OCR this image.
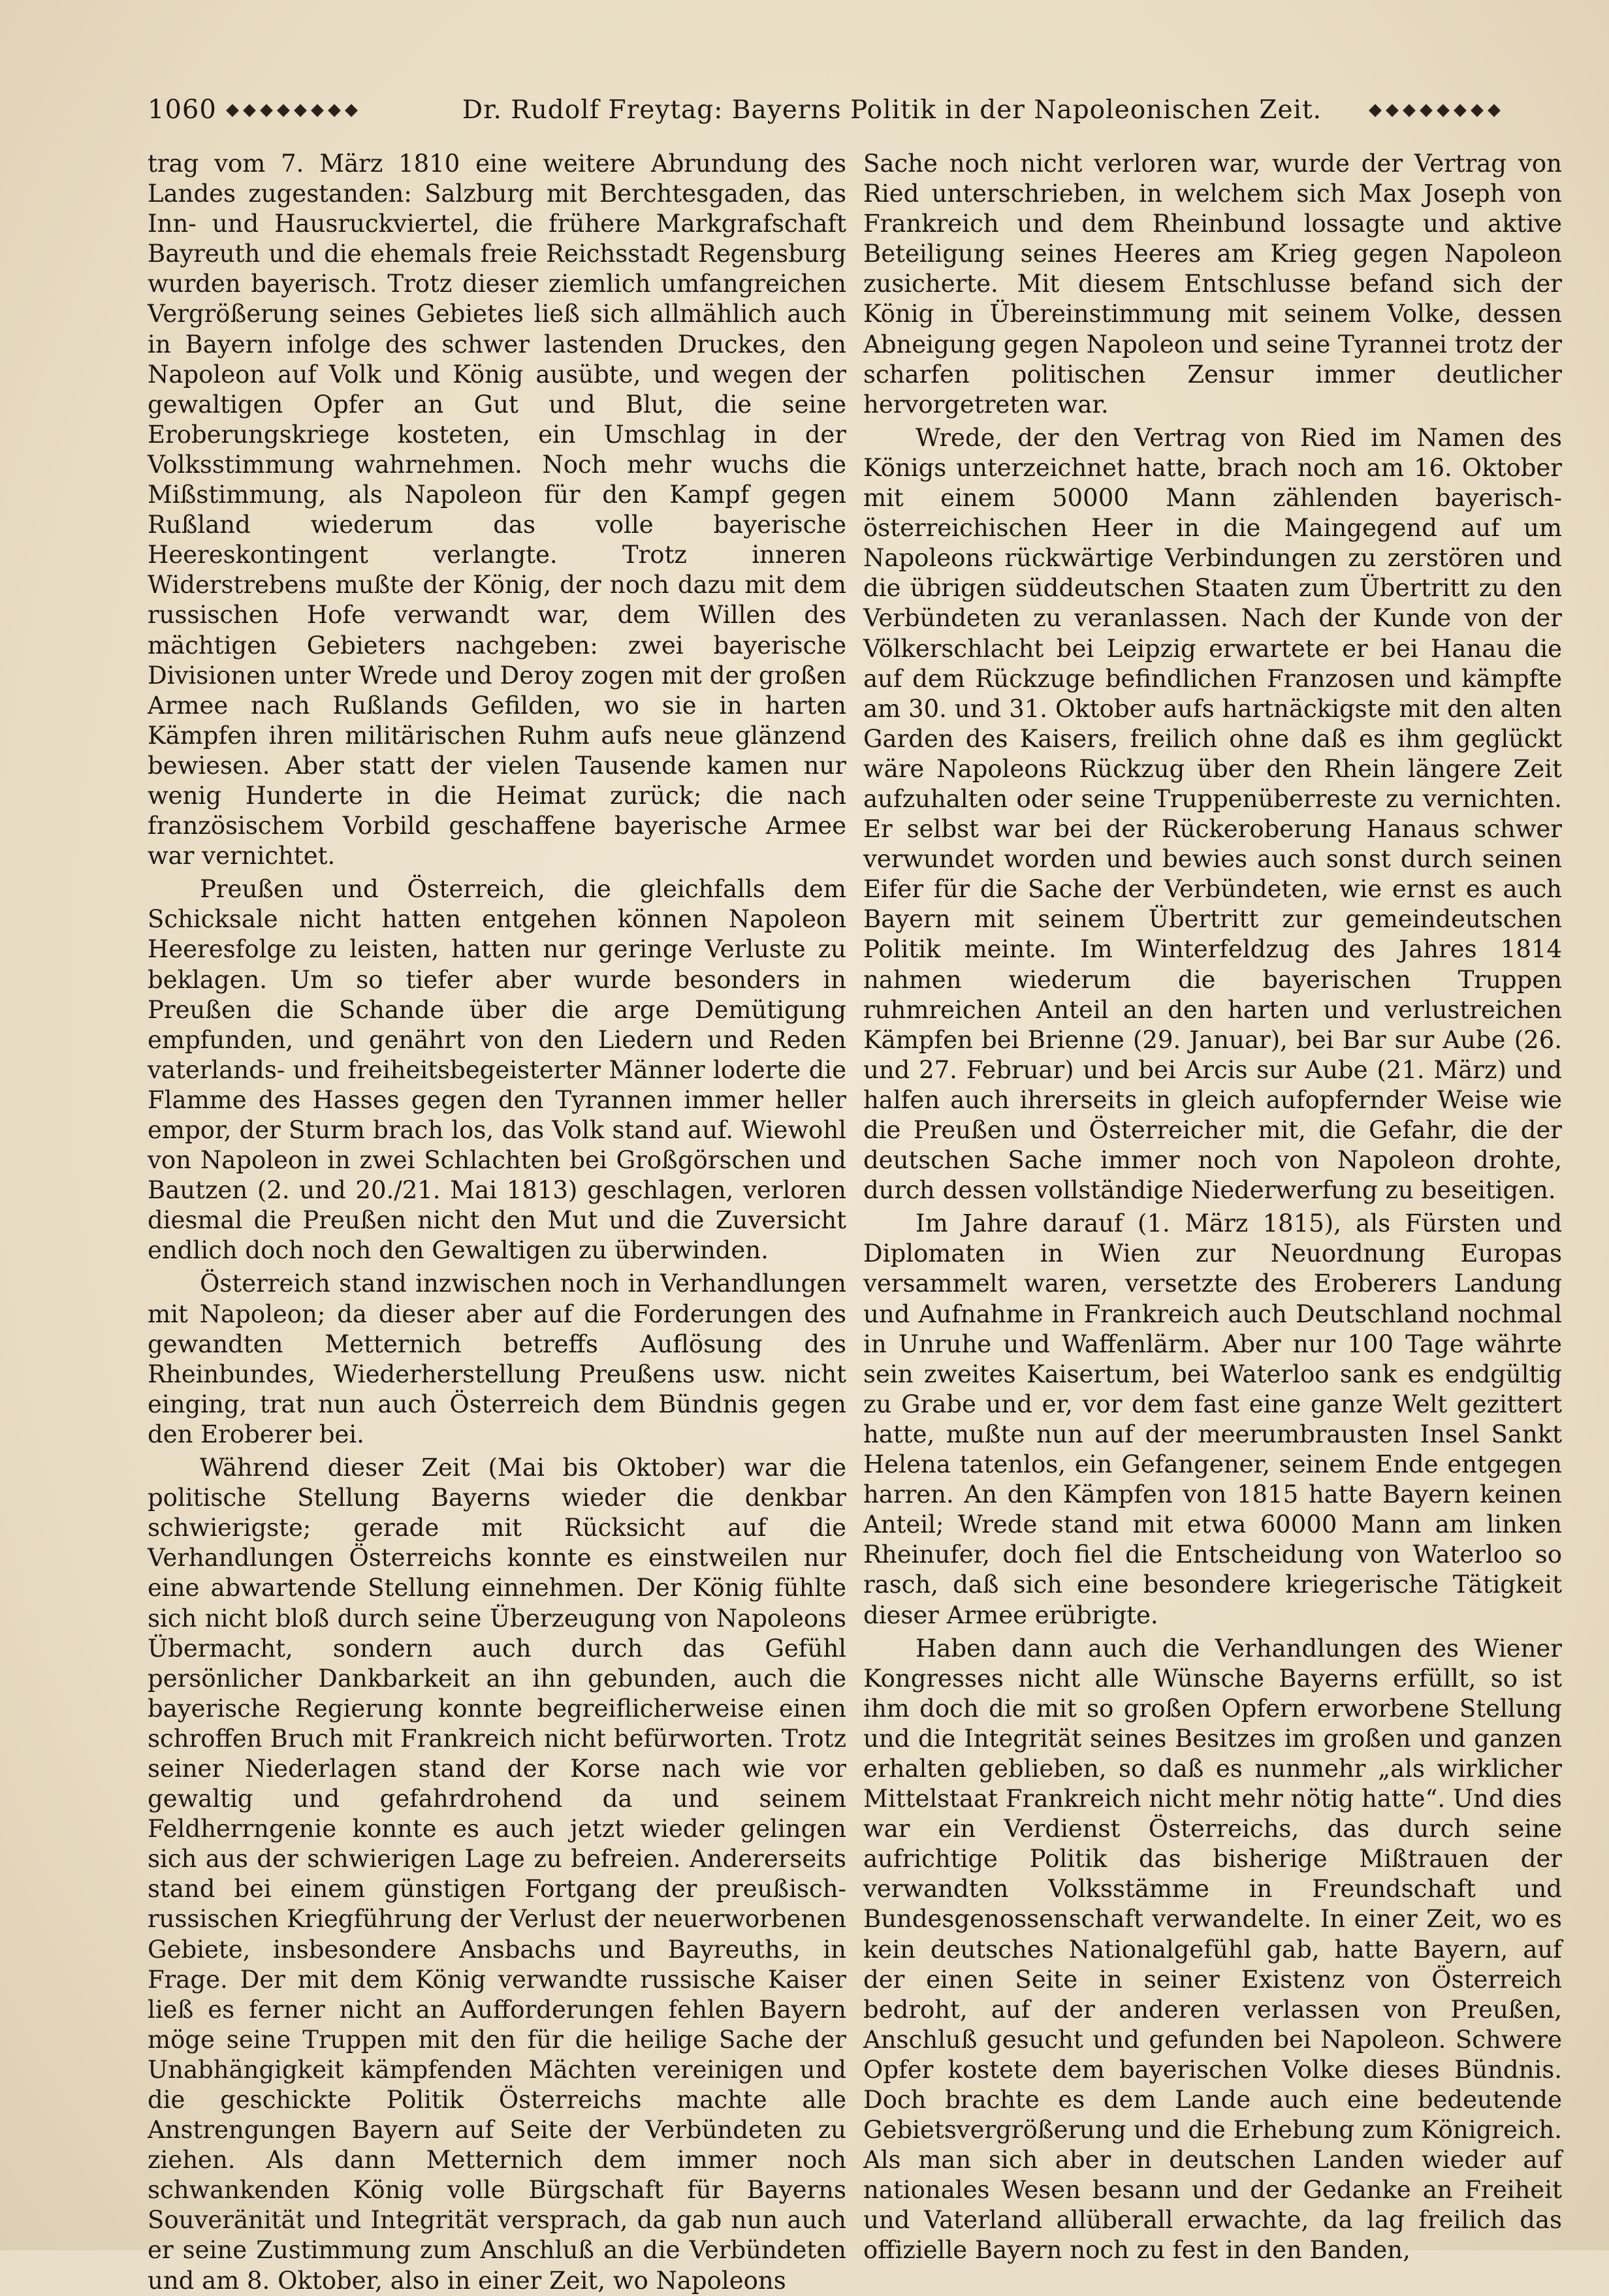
1060 ◆◆◆◆◆◆◆◆	Dr. Rudolf Freytag: Bayerns Politik in der Napoleonischen Zeit.	◆◆◆◆◆◆◆◆

trag vom 7. März 1810 eine weitere Abrundung des Landes zugestanden: Salzburg mit Berchtesgaden, das Inn- und Hausruckviertel, die frühere Markgrafschaft Bayreuth und die ehemals freie Reichsstadt Regensburg wurden bayerisch. Trotz dieser ziemlich umfangreichen Vergrößerung seines Gebietes ließ sich allmählich auch in Bayern infolge des schwer lastenden Druckes, den Napoleon auf Volk und König ausübte, und wegen der gewaltigen Opfer an Gut und Blut, die seine Eroberungskriege kosteten, ein Umschlag in der Volksstimmung wahrnehmen. Noch mehr wuchs die Mißstimmung, als Napoleon für den Kampf gegen Rußland wiederum das volle bayerische Heereskontingent verlangte. Trotz inneren Widerstrebens mußte der König, der noch dazu mit dem russischen Hofe verwandt war, dem Willen des mächtigen Gebieters nachgeben: zwei bayerische Divisionen unter Wrede und Deroy zogen mit der großen Armee nach Rußlands Gefilden, wo sie in harten Kämpfen ihren militärischen Ruhm aufs neue glänzend bewiesen. Aber statt der vielen Tausende kamen nur wenig Hunderte in die Heimat zurück; die nach französischem Vorbild geschaffene bayerische Armee war vernichtet.

Preußen und Österreich, die gleichfalls dem Schicksale nicht hatten entgehen können Napoleon Heeresfolge zu leisten, hatten nur geringe Verluste zu beklagen. Um so tiefer aber wurde besonders in Preußen die Schande über die arge Demütigung empfunden, und genährt von den Liedern und Reden vaterlands- und freiheitsbegeisterter Männer loderte die Flamme des Hasses gegen den Tyrannen immer heller empor, der Sturm brach los, das Volk stand auf. Wiewohl von Napoleon in zwei Schlachten bei Großgörschen und Bautzen (2. und 20./21. Mai 1813) geschlagen, verloren diesmal die Preußen nicht den Mut und die Zuversicht endlich doch noch den Gewaltigen zu überwinden.

Österreich stand inzwischen noch in Verhandlungen mit Napoleon; da dieser aber auf die Forderungen des gewandten Metternich betreffs Auflösung des Rheinbundes, Wiederherstellung Preußens usw. nicht einging, trat nun auch Österreich dem Bündnis gegen den Eroberer bei.

Während dieser Zeit (Mai bis Oktober) war die politische Stellung Bayerns wieder die denkbar schwierigste; gerade mit Rücksicht auf die Verhandlungen Österreichs konnte es einstweilen nur eine abwartende Stellung einnehmen. Der König fühlte sich nicht bloß durch seine Überzeugung von Napoleons Übermacht, sondern auch durch das Gefühl persönlicher Dankbarkeit an ihn gebunden, auch die bayerische Regierung konnte begreiflicherweise einen schroffen Bruch mit Frankreich nicht befürworten. Trotz seiner Niederlagen stand der Korse nach wie vor gewaltig und gefahrdrohend da und seinem Feldherrngenie konnte es auch jetzt wieder gelingen sich aus der schwierigen Lage zu befreien. Andererseits stand bei einem günstigen Fortgang der preußisch-russischen Kriegführung der Verlust der neuerworbenen Gebiete, insbesondere Ansbachs und Bayreuths, in Frage. Der mit dem König verwandte russische Kaiser ließ es ferner nicht an Aufforderungen fehlen Bayern möge seine Truppen mit den für die heilige Sache der Unabhängigkeit kämpfenden Mächten vereinigen und die geschickte Politik Österreichs machte alle Anstrengungen Bayern auf Seite der Verbündeten zu ziehen. Als dann Metternich dem immer noch schwankenden König volle Bürgschaft für Bayerns Souveränität und Integrität versprach, da gab nun auch er seine Zustimmung zum Anschluß an die Verbündeten und am 8. Oktober, also in einer Zeit, wo Napoleons

Sache noch nicht verloren war, wurde der Vertrag von Ried unterschrieben, in welchem sich Max Joseph von Frankreich und dem Rheinbund lossagte und aktive Beteiligung seines Heeres am Krieg gegen Napoleon zusicherte. Mit diesem Entschlusse befand sich der König in Übereinstimmung mit seinem Volke, dessen Abneigung gegen Napoleon und seine Tyrannei trotz der scharfen politischen Zensur immer deutlicher hervorgetreten war.

Wrede, der den Vertrag von Ried im Namen des Königs unterzeichnet hatte, brach noch am 16. Oktober mit einem 50000 Mann zählenden bayerisch-österreichischen Heer in die Maingegend auf um Napoleons rückwärtige Verbindungen zu zerstören und die übrigen süddeutschen Staaten zum Übertritt zu den Verbündeten zu veranlassen. Nach der Kunde von der Völkerschlacht bei Leipzig erwartete er bei Hanau die auf dem Rückzuge befindlichen Franzosen und kämpfte am 30. und 31. Oktober aufs hartnäckigste mit den alten Garden des Kaisers, freilich ohne daß es ihm geglückt wäre Napoleons Rückzug über den Rhein längere Zeit aufzuhalten oder seine Truppenüberreste zu vernichten. Er selbst war bei der Rückeroberung Hanaus schwer verwundet worden und bewies auch sonst durch seinen Eifer für die Sache der Verbündeten, wie ernst es auch Bayern mit seinem Übertritt zur gemeindeutschen Politik meinte. Im Winterfeldzug des Jahres 1814 nahmen wiederum die bayerischen Truppen ruhmreichen Anteil an den harten und verlustreichen Kämpfen bei Brienne (29. Januar), bei Bar sur Aube (26. und 27. Februar) und bei Arcis sur Aube (21. März) und halfen auch ihrerseits in gleich aufopfernder Weise wie die Preußen und Österreicher mit, die Gefahr, die der deutschen Sache immer noch von Napoleon drohte, durch dessen vollständige Niederwerfung zu beseitigen.

Im Jahre darauf (1. März 1815), als Fürsten und Diplomaten in Wien zur Neuordnung Europas versammelt waren, versetzte des Eroberers Landung und Aufnahme in Frankreich auch Deutschland nochmal in Unruhe und Waffenlärm. Aber nur 100 Tage währte sein zweites Kaisertum, bei Waterloo sank es endgültig zu Grabe und er, vor dem fast eine ganze Welt gezittert hatte, mußte nun auf der meerumbrausten Insel Sankt Helena tatenlos, ein Gefangener, seinem Ende entgegen harren. An den Kämpfen von 1815 hatte Bayern keinen Anteil; Wrede stand mit etwa 60000 Mann am linken Rheinufer, doch fiel die Entscheidung von Waterloo so rasch, daß sich eine besondere kriegerische Tätigkeit dieser Armee erübrigte.

Haben dann auch die Verhandlungen des Wiener Kongresses nicht alle Wünsche Bayerns erfüllt, so ist ihm doch die mit so großen Opfern erworbene Stellung und die Integrität seines Besitzes im großen und ganzen erhalten geblieben, so daß es nunmehr „als wirklicher Mittelstaat Frankreich nicht mehr nötig hatte“. Und dies war ein Verdienst Österreichs, das durch seine aufrichtige Politik das bisherige Mißtrauen der verwandten Volksstämme in Freundschaft und Bundesgenossenschaft verwandelte. In einer Zeit, wo es kein deutsches Nationalgefühl gab, hatte Bayern, auf der einen Seite in seiner Existenz von Österreich bedroht, auf der anderen verlassen von Preußen, Anschluß gesucht und gefunden bei Napoleon. Schwere Opfer kostete dem bayerischen Volke dieses Bündnis. Doch brachte es dem Lande auch eine bedeutende Gebietsvergrößerung und die Erhebung zum Königreich. Als man sich aber in deutschen Landen wieder auf nationales Wesen besann und der Gedanke an Freiheit und Vaterland allüberall erwachte, da lag freilich das offizielle Bayern noch zu fest in den Banden,
